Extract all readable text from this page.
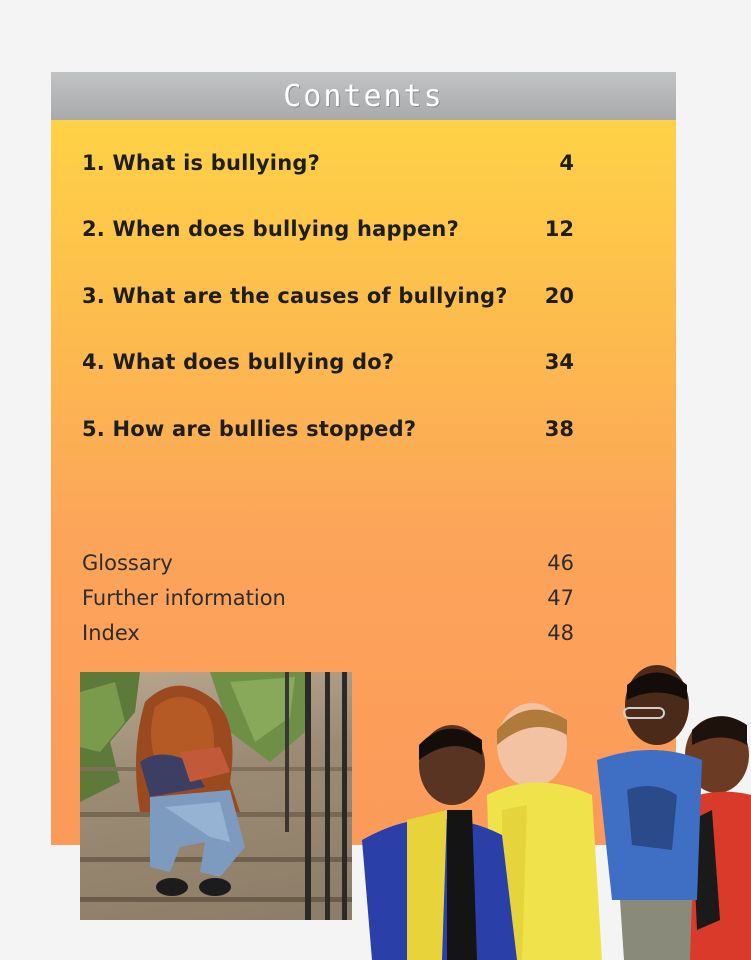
Contents
1. What is bullying?	4
2. When does bullying happen?	12
3. What are the causes of bullying? 20
4. What does bullying do?	34
5. How are bullies stopped?	38
Glossary	46
Further information	47
Index	48
